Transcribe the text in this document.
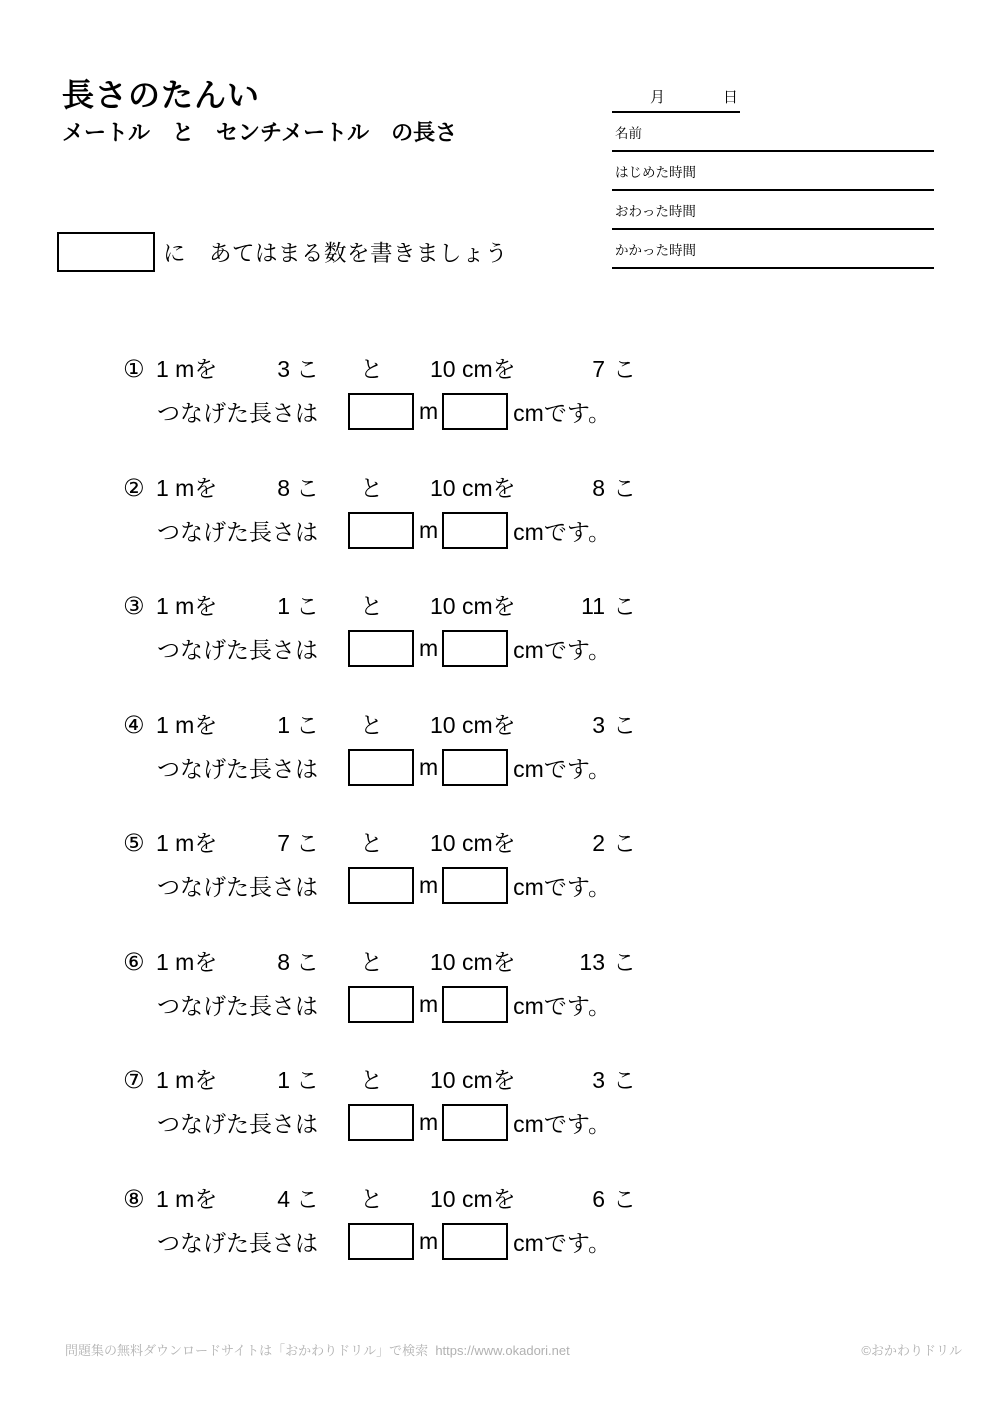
長さのたんい
メートル　と　センチメートル　の長さ
月	日
名前
はじめた時間
おわった時間
かかった時間
に　あてはまる数を書きましょう
① 1 mを	3 こ と 10 cmを	7 こ
つなげた長さは	m	cmです。
② 1 mを	8 こ と 10 cmを	8 こ
つなげた長さは	m	cmです。
③ 1 mを	1 こ と 10 cmを	11 こ
つなげた長さは	m	cmです。
④ 1 mを	1 こ と 10 cmを	3 こ
つなげた長さは	m	cmです。
⑤ 1 mを	7 こ と 10 cmを	2 こ
つなげた長さは	m	cmです。
⑥ 1 mを	8 こ と 10 cmを	13 こ
つなげた長さは	m	cmです。
⑦ 1 mを	1 こ と 10 cmを	3 こ
つなげた長さは	m	cmです。
⑧ 1 mを	4 こ と 10 cmを	6 こ
つなげた長さは	m	cmです。
問題集の無料ダウンロードサイトは「おかわりドリル」で検索  https://www.okadori.net	©おかわりドリル
